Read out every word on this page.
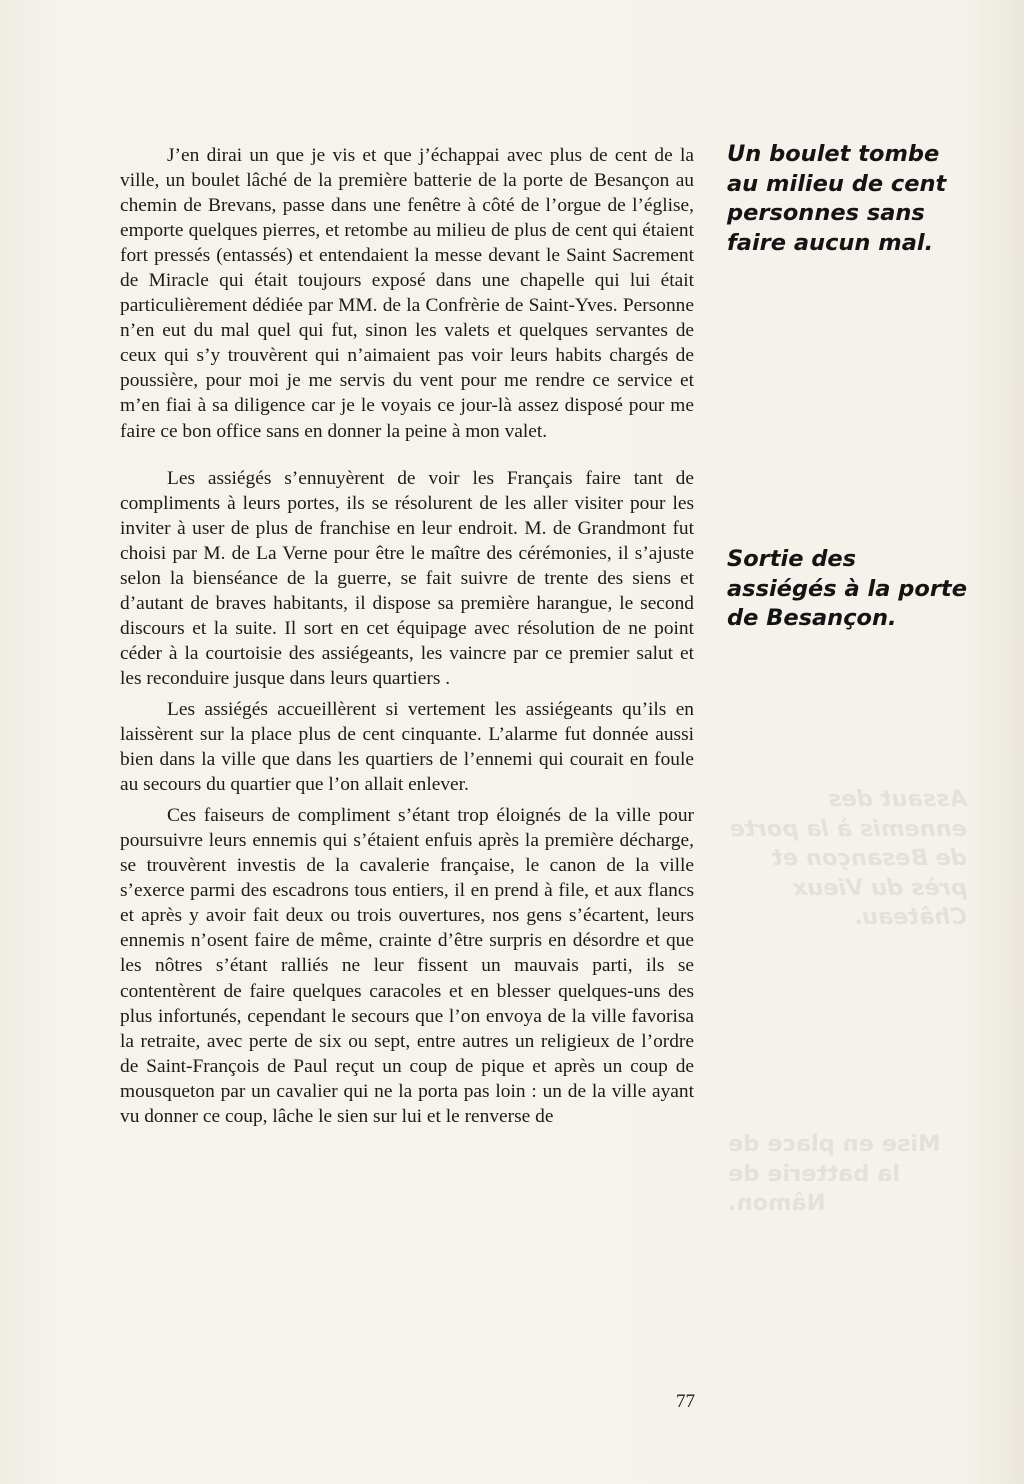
J’en dirai un que je vis et que j’échappai avec plus de cent de la ville, un boulet lâché de la première batterie de la porte de Besançon au chemin de Brevans, passe dans une fenêtre à côté de l’orgue de l’église, emporte quelques pierres, et retombe au milieu de plus de cent qui étaient fort pressés (entassés) et entendaient la messe devant le Saint Sacrement de Miracle qui était toujours exposé dans une chapelle qui lui était particulièrement dédiée par MM. de la Confrèrie de Saint-Yves. Personne n’en eut du mal quel qui fut, sinon les valets et quelques servantes de ceux qui s’y trouvèrent qui n’aimaient pas voir leurs habits chargés de poussière, pour moi je me servis du vent pour me rendre ce service et m’en fiai à sa diligence car je le voyais ce jour-là assez disposé pour me faire ce bon office sans en donner la peine à mon valet.

Les assiégés s’ennuyèrent de voir les Français faire tant de compliments à leurs portes, ils se résolurent de les aller visiter pour les inviter à user de plus de franchise en leur endroit. M. de Grandmont fut choisi par M. de La Verne pour être le maître des cérémonies, il s’ajuste selon la bienséance de la guerre, se fait suivre de trente des siens et d’autant de braves habitants, il dispose sa première harangue, le second discours et la suite. Il sort en cet équipage avec résolution de ne point céder à la courtoisie des assiégeants, les vaincre par ce premier salut et les reconduire jusque dans leurs quartiers .

Les assiégés accueillèrent si vertement les assiégeants qu’ils en laissèrent sur la place plus de cent cinquante. L’alarme fut donnée aussi bien dans la ville que dans les quartiers de l’ennemi qui courait en foule au secours du quartier que l’on allait enlever.

Ces faiseurs de compliment s’étant trop éloignés de la ville pour poursuivre leurs ennemis qui s’étaient enfuis après la première décharge, se trouvèrent investis de la cavalerie française, le canon de la ville s’exerce parmi des escadrons tous entiers, il en prend à file, et aux flancs et après y avoir fait deux ou trois ouvertures, nos gens s’écartent, leurs ennemis n’osent faire de même, crainte d’être surpris en désordre et que les nôtres s’étant ralliés ne leur fissent un mauvais parti, ils se contentèrent de faire quelques caracoles et en blesser quelques-uns des plus infortunés, cependant le secours que l’on envoya de la ville favorisa la retraite, avec perte de six ou sept, entre autres un religieux de l’ordre de Saint-François de Paul reçut un coup de pique et après un coup de mousqueton par un cavalier qui ne la porta pas loin : un de la ville ayant vu donner ce coup, lâche le sien sur lui et le renverse de

Un boulet tombe au milieu de cent personnes sans faire aucun mal.
Sortie des assiégés à la porte de Besançon.
Assaut des ennemis à la porte de Besançon et près du Vieux Château.
Mise en place de la batterie de Nâmon.
77
